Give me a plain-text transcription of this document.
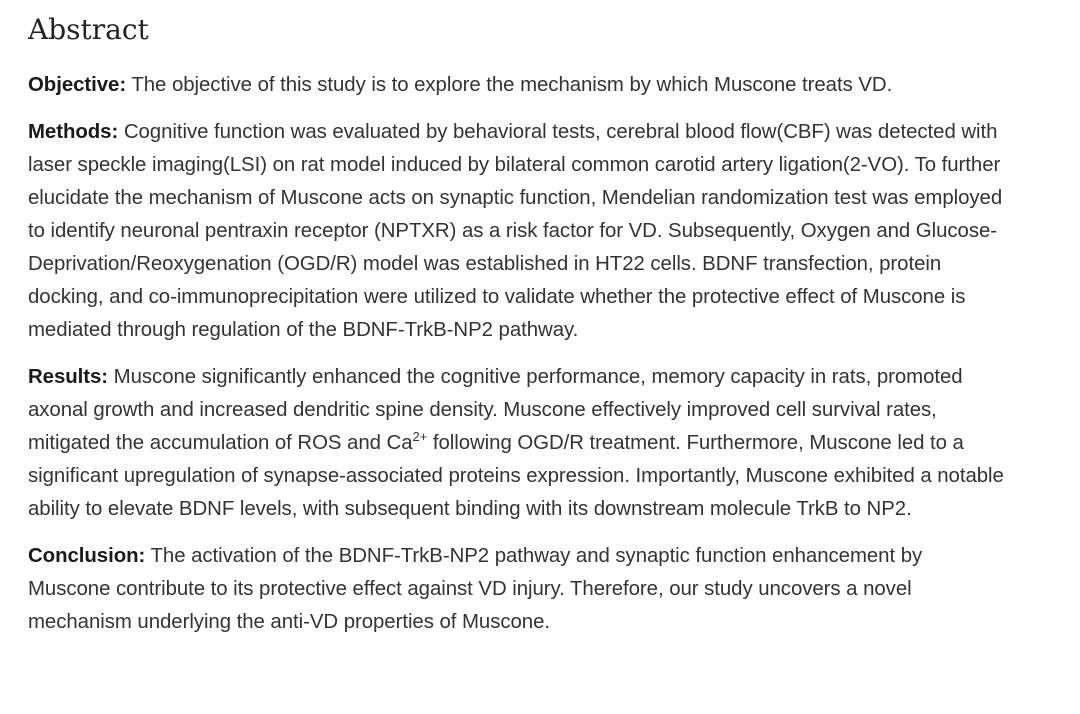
Abstract

Objective: The objective of this study is to explore the mechanism by which Muscone treats VD.

Methods: Cognitive function was evaluated by behavioral tests, cerebral blood flow(CBF) was detected with laser speckle imaging(LSI) on rat model induced by bilateral common carotid artery ligation(2-VO). To further elucidate the mechanism of Muscone acts on synaptic function, Mendelian randomization test was employed to identify neuronal pentraxin receptor (NPTXR) as a risk factor for VD. Subsequently, Oxygen and Glucose-Deprivation/Reoxygenation (OGD/R) model was established in HT22 cells. BDNF transfection, protein docking, and co-immunoprecipitation were utilized to validate whether the protective effect of Muscone is mediated through regulation of the BDNF-TrkB-NP2 pathway.

Results: Muscone significantly enhanced the cognitive performance, memory capacity in rats, promoted axonal growth and increased dendritic spine density. Muscone effectively improved cell survival rates, mitigated the accumulation of ROS and $Ca^{2+}$ following OGD/R treatment. Furthermore, Muscone led to a significant upregulation of synapse-associated proteins expression. Importantly, Muscone exhibited a notable ability to elevate BDNF levels, with subsequent binding with its downstream molecule TrkB to NP2.

Conclusion: The activation of the BDNF-TrkB-NP2 pathway and synaptic function enhancement by Muscone contribute to its protective effect against VD injury. Therefore, our study uncovers a novel mechanism underlying the anti-VD properties of Muscone.
